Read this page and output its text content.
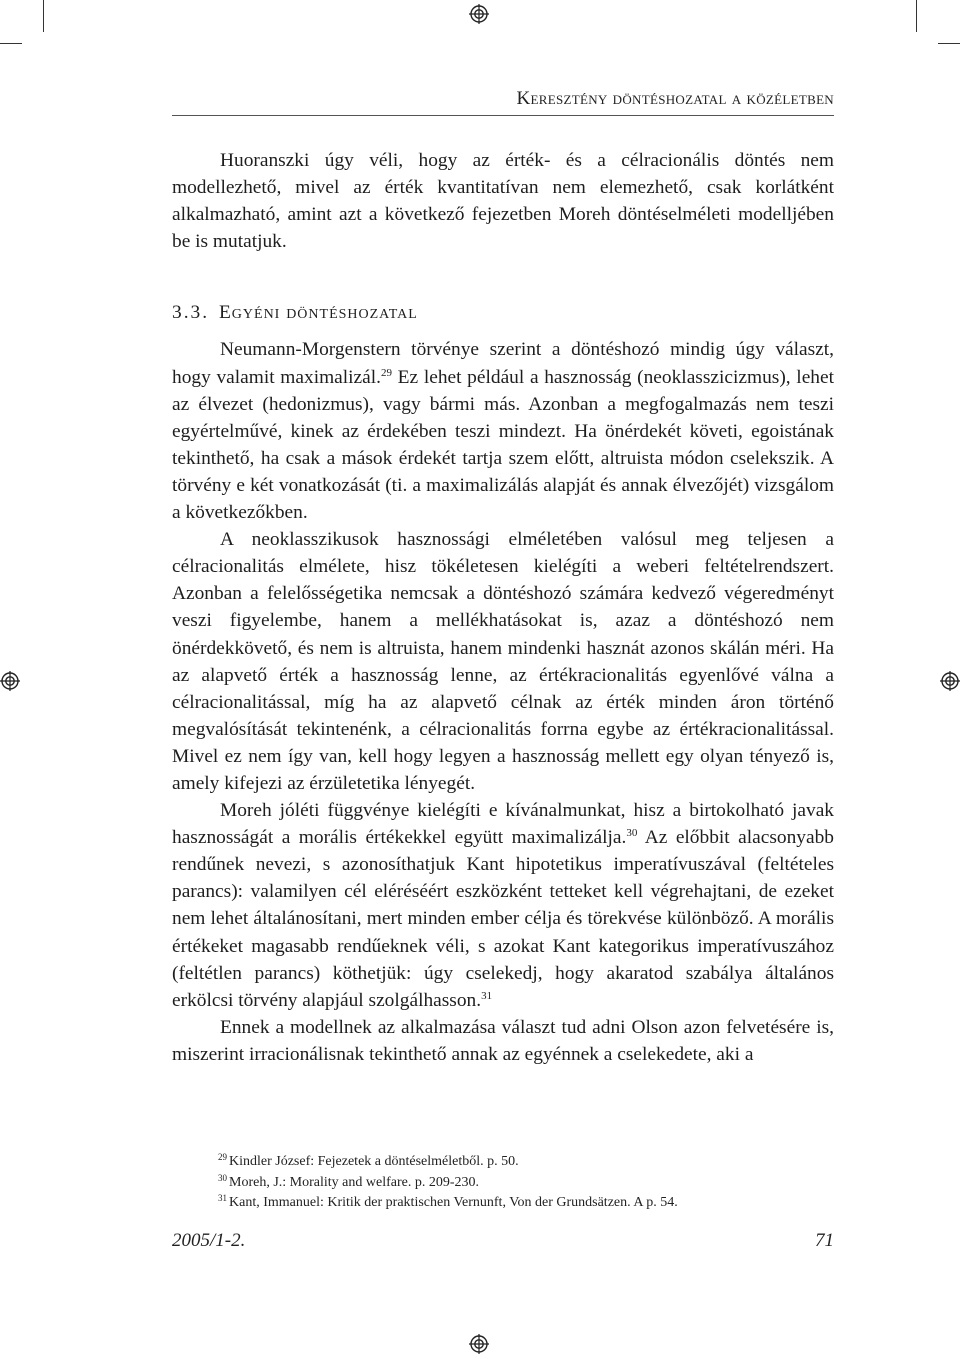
Keresztény döntéshozatal a közéletben

Huoranszki úgy véli, hogy az érték- és a célracionális döntés nem modellezhető, mivel az érték kvantitatívan nem elemezhető, csak korlátként alkalmazható, amint azt a következő fejezetben Moreh döntéselméleti modelljében be is mutatjuk.

3.3. Egyéni döntéshozatal

Neumann-Morgenstern törvénye szerint a döntéshozó mindig úgy választ, hogy valamit maximalizál.$^{29}$ Ez lehet például a hasznosság (neoklasszicizmus), lehet az élvezet (hedonizmus), vagy bármi más. Azonban a megfogalmazás nem teszi egyértelművé, kinek az érdekében teszi mindezt. Ha önérdekét követi, egoistának tekinthető, ha csak a mások érdekét tartja szem előtt, altruista módon cselekszik. A törvény e két vonatkozását (ti. a maximalizálás alapját és annak élvezőjét) vizsgálom a következőkben.

A neoklasszikusok hasznossági elméletében valósul meg teljesen a célracionalitás elmélete, hisz tökéletesen kielégíti a weberi feltételrendszert. Azonban a felelősségetika nemcsak a döntéshozó számára kedvező végeredményt veszi figyelembe, hanem a mellékhatásokat is, azaz a döntéshozó nem önérdekkövető, és nem is altruista, hanem mindenki hasznát azonos skálán méri. Ha az alapvető érték a hasznosság lenne, az értékracionalitás egyenlővé válna a célracionalitással, míg ha az alapvető célnak az érték minden áron történő megvalósítását tekintenénk, a célracionalitás forrna egybe az értékracionalitással. Mivel ez nem így van, kell hogy legyen a hasznosság mellett egy olyan tényező is, amely kifejezi az érzületetika lényegét.

Moreh jóléti függvénye kielégíti e kívánalmunkat, hisz a birtokolható javak hasznosságát a morális értékekkel együtt maximalizálja.$^{30}$ Az előbbit alacsonyabb rendűnek nevezi, s azonosíthatjuk Kant hipotetikus imperatívuszával (feltételes parancs): valamilyen cél eléréséért eszközként tetteket kell végrehajtani, de ezeket nem lehet általánosítani, mert minden ember célja és törekvése különböző. A morális értékeket magasabb rendűeknek véli, s azokat Kant kategorikus imperatívuszához (feltétlen parancs) köthetjük: úgy cselekedj, hogy akaratod szabálya általános erkölcsi törvény alapjául szolgálhasson.$^{31}$

Ennek a modellnek az alkalmazása választ tud adni Olson azon felvetésére is, miszerint irracionálisnak tekinthető annak az egyénnek a cselekedete, aki a

$^{29}$ Kindler József: Fejezetek a döntéselméletből. p. 50.
$^{30}$ Moreh, J.: Morality and welfare. p. 209-230.
$^{31}$ Kant, Immanuel: Kritik der praktischen Vernunft, Von der Grundsätzen. A p. 54.
2005/1-2.	71
